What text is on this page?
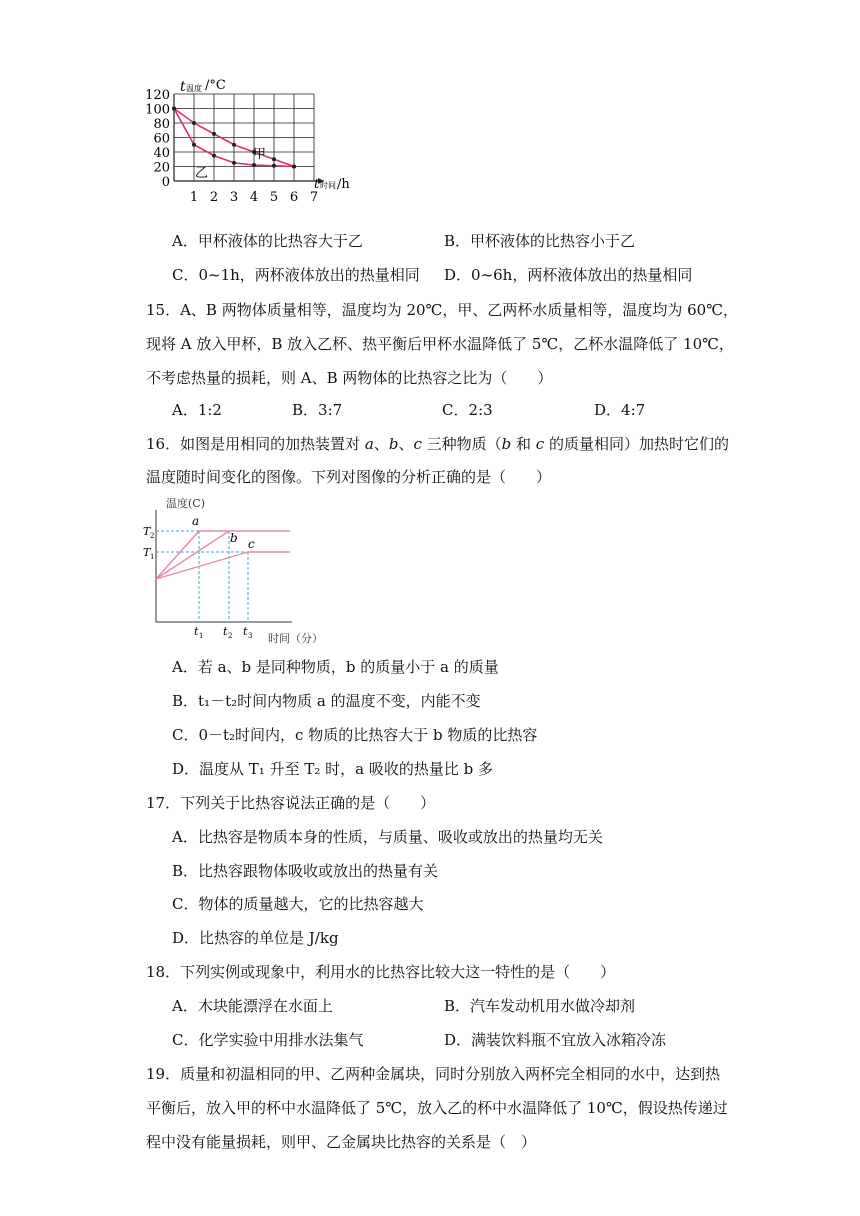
t 温度 /°C
t 时间 /h
120
100
80
60
40
20
0
1 2 3 4 5 6 7
甲
乙
A．甲杯液体的比热容大于乙	B．甲杯液体的比热容小于乙
C．0~1h，两杯液体放出的热量相同 D．0~6h，两杯液体放出的热量相同
15．A、B 两物体质量相等，温度均为 20℃，甲、乙两杯水质量相等，温度均为 60℃，
现将 A 放入甲杯，B 放入乙杯、热平衡后甲杯水温降低了 5℃，乙杯水温降低了 10℃，
不考虑热量的损耗，则 A、B 两物体的比热容之比为（　　）
A．1:2	B．3:7	C．2:3	D．4:7
16．如图是用相同的加热装置对 a、b、c 三种物质（b 和 c 的质量相同）加热时它们的
温度随时间变化的图像。下列对图像的分析正确的是（　　）
温度(C)
a
b c
T 2
T 1
t 1 t 2 t 3 时间（分）
A．若 a、b 是同种物质，b 的质量小于 a 的质量
B．t₁－t₂时间内物质 a 的温度不变，内能不变
C．0－t₂时间内，c 物质的比热容大于 b 物质的比热容
D．温度从 T₁ 升至 T₂ 时，a 吸收的热量比 b 多
17．下列关于比热容说法正确的是（　　）
A．比热容是物质本身的性质，与质量、吸收或放出的热量均无关
B．比热容跟物体吸收或放出的热量有关
C．物体的质量越大，它的比热容越大
D．比热容的单位是 J/kg
18．下列实例或现象中，利用水的比热容比较大这一特性的是（　　）
A．木块能漂浮在水面上	B．汽车发动机用水做冷却剂
C．化学实验中用排水法集气	D．满装饮料瓶不宜放入冰箱冷冻
19．质量和初温相同的甲、乙两种金属块，同时分别放入两杯完全相同的水中，达到热
平衡后，放入甲的杯中水温降低了 5℃，放入乙的杯中水温降低了 10℃，假设热传递过
程中没有能量损耗，则甲、乙金属块比热容的关系是（　）
